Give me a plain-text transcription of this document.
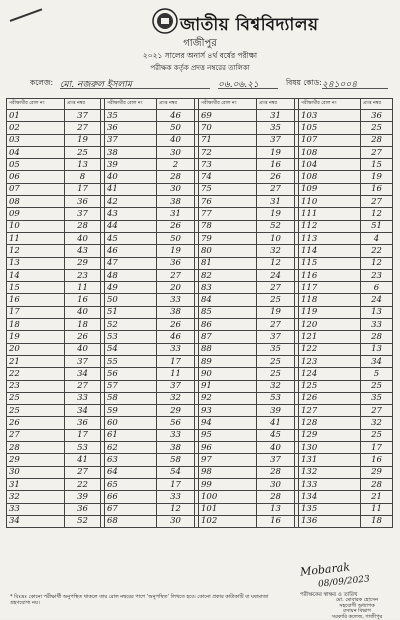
জাতীয় বিশ্ববিদ্যালয়
গাজীপুর
২০২১ সালের অনার্স ৪র্থ বর্ষের পরীক্ষা
পরীক্ষক কর্তৃক প্রদত্ত নম্বরের তালিকা
কলেজ: মো. নজরুল ইসলাম	০৬.০৬.২১	বিষয় কোড: ২৪১০০৪
পরীক্ষার্থীর রোল নং	প্রাপ্ত নম্বর		পরীক্ষার্থীর রোল নং	প্রাপ্ত নম্বর		পরীক্ষার্থীর রোল নং	প্রাপ্ত নম্বর		পরীক্ষার্থীর রোল নং	প্রাপ্ত নম্বর
01	37		35	46		69	31		103	36
02	27		36	50		70	35		105	25
03	19		37	40		71	37		107	28
04	25		38	30		72	19		108	27
05	13		39	2		73	16		104	15
06	8		40	28		74	26		108	19
07	17		41	30		75	27		109	16
08	36		42	38		76	31		110	27
09	37		43	31		77	19		111	12
10	28		44	26		78	52		112	51
11	40		45	50		79	10		113	4
12	43		46	19		80	32		114	22
13	29		47	36		81	12		115	12
14	23		48	27		82	24		116	23
15	11		49	20		83	27		117	6
16	16		50	33		84	25		118	24
17	40		51	38		85	19		119	13
18	18		52	26		86	27		120	33
19	26		53	46		87	37		121	28
20	40		54	33		88	35		122	13
21	37		55	17		89	25		123	34
22	34		56	11		90	25		124	5
23	27		57	37		91	32		125	25
25	33		58	32		92	53		126	35
25	34		59	29		93	39		127	27
26	36		60	56		94	41		128	32
27	17		61	33		95	45		129	25
28	53		62	38		96	40		130	17
29	41		63	58		97	37		131	16
30	27		64	54		98	28		132	29
31	22		65	17		99	30		133	28
32	39		66	33		100	28		134	21
33	36		67	12		101	13		135	11
34	52		68	30		102	16		136	18
Mobarak
08/09/2023
পরীক্ষকের স্বাক্ষর ও তারিখ
* বিঃদ্রঃ কোনো পরীক্ষার্থী অনুপস্থিত থাকলে তার রোল নম্বরের পাশে ‘অনুপস্থিত’ লিখতে হবে। কোনো প্রকার কাটাকাটি বা ঘষামাজা গ্রহণযোগ্য নয়।	মো. মোবারক হোসেন
সহযোগী অধ্যাপক
রসায়ন বিভাগ
সরকারি কলেজ, গাজীপুর
